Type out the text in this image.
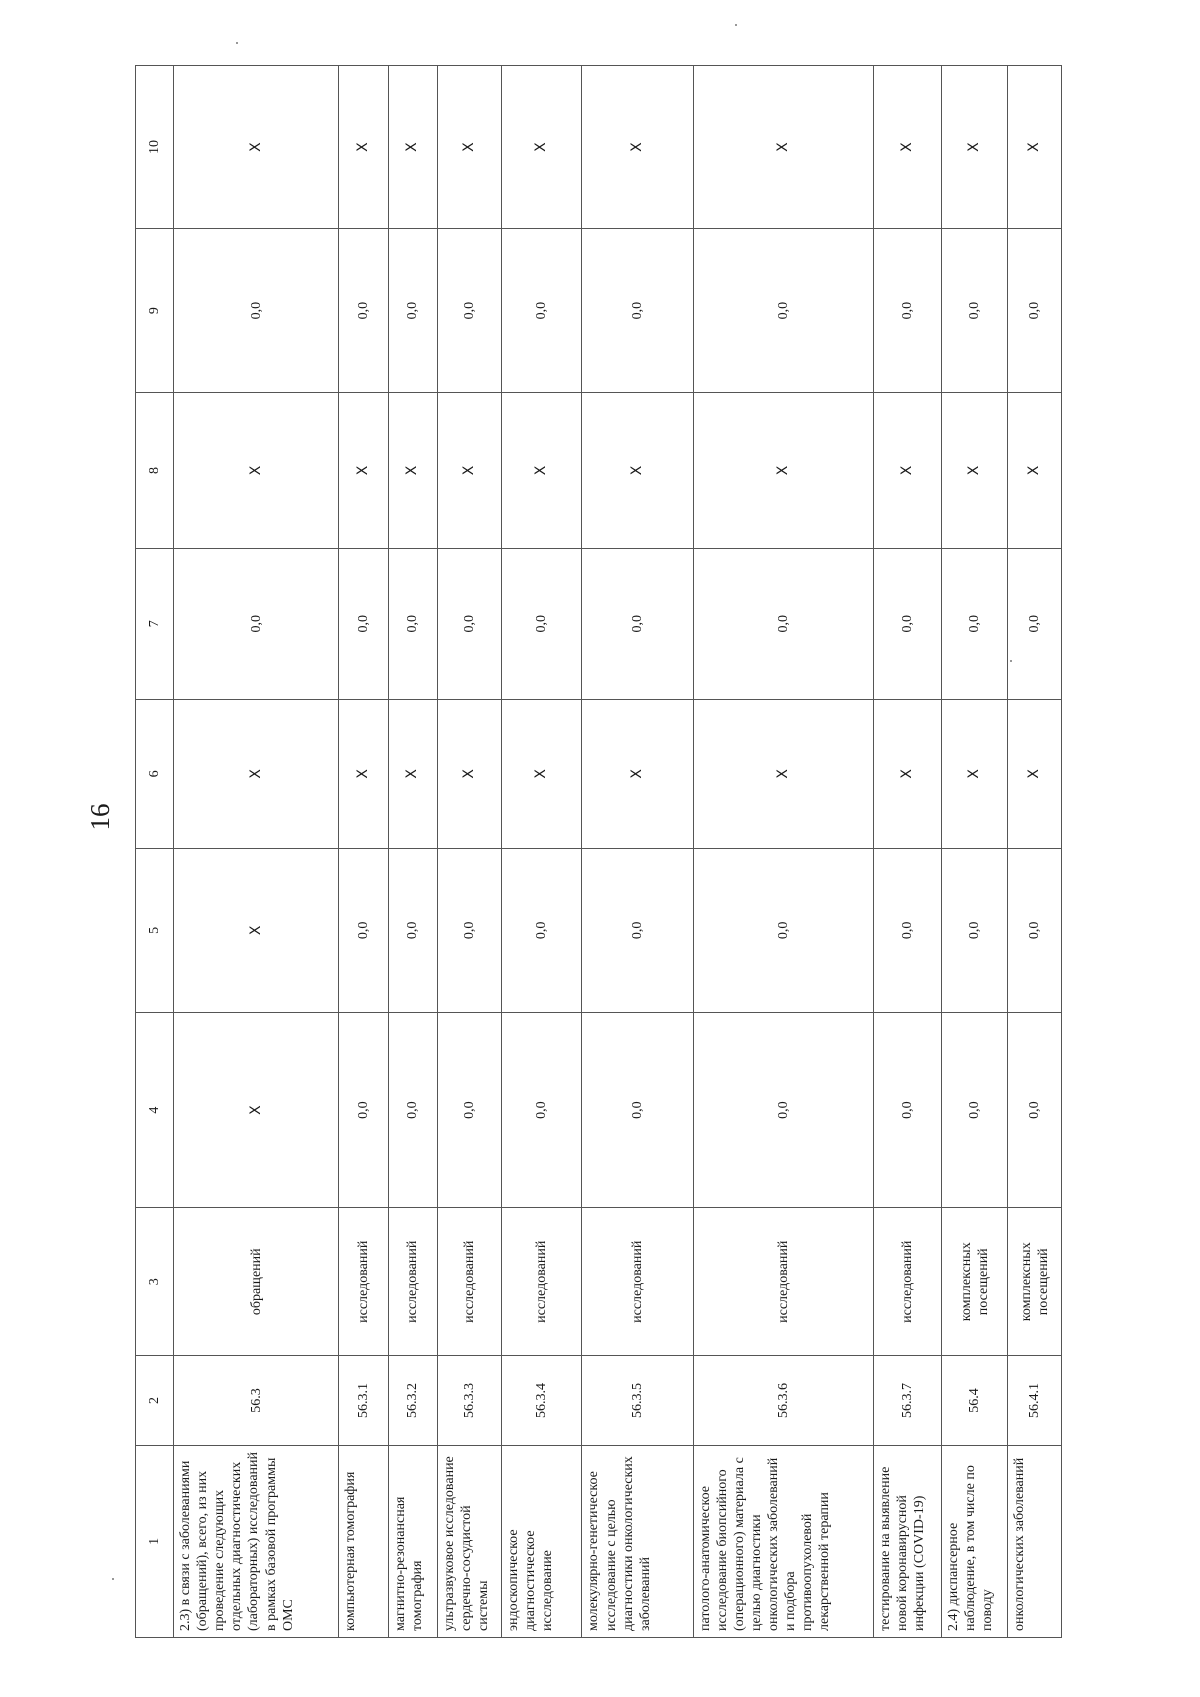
16
1	2	3	4	5	6	7	8	9	10
2.3) в связи с заболеваниями (обращений), всего, из них проведение следующих отдельных диагностических (лабораторных) исследований в рамках базовой программы ОМС	56.3	обращений	X	X	X	0,0	X	0,0	X
компьютерная томография	56.3.1	исследований	0,0	0,0	X	0,0	X	0,0	X
магнитно-резонансная томография	56.3.2	исследований	0,0	0,0	X	0,0	X	0,0	X
ультразвуковое исследование сердечно-сосудистой системы	56.3.3	исследований	0,0	0,0	X	0,0	X	0,0	X
эндоскопическое диагностическое исследование	56.3.4	исследований	0,0	0,0	X	0,0	X	0,0	X
молекулярно-генетическое исследование с целью диагностики онкологических заболеваний	56.3.5	исследований	0,0	0,0	X	0,0	X	0,0	X
патолого-анатомическое исследование биопсийного (операционного) материала с целью диагностики онкологических заболеваний и подбора противоопухолевой лекарственной терапии	56.3.6	исследований	0,0	0,0	X	0,0	X	0,0	X
тестирование на выявление новой коронавирусной инфекции (COVID-19)	56.3.7	исследований	0,0	0,0	X	0,0	X	0,0	X
2.4) диспансерное наблюдение, в том числе по поводу	56.4	комплексных посещений	0,0	0,0	X	0,0	X	0,0	X
онкологических заболеваний	56.4.1	комплексных посещений	0,0	0,0	X	0,0	X	0,0	X
